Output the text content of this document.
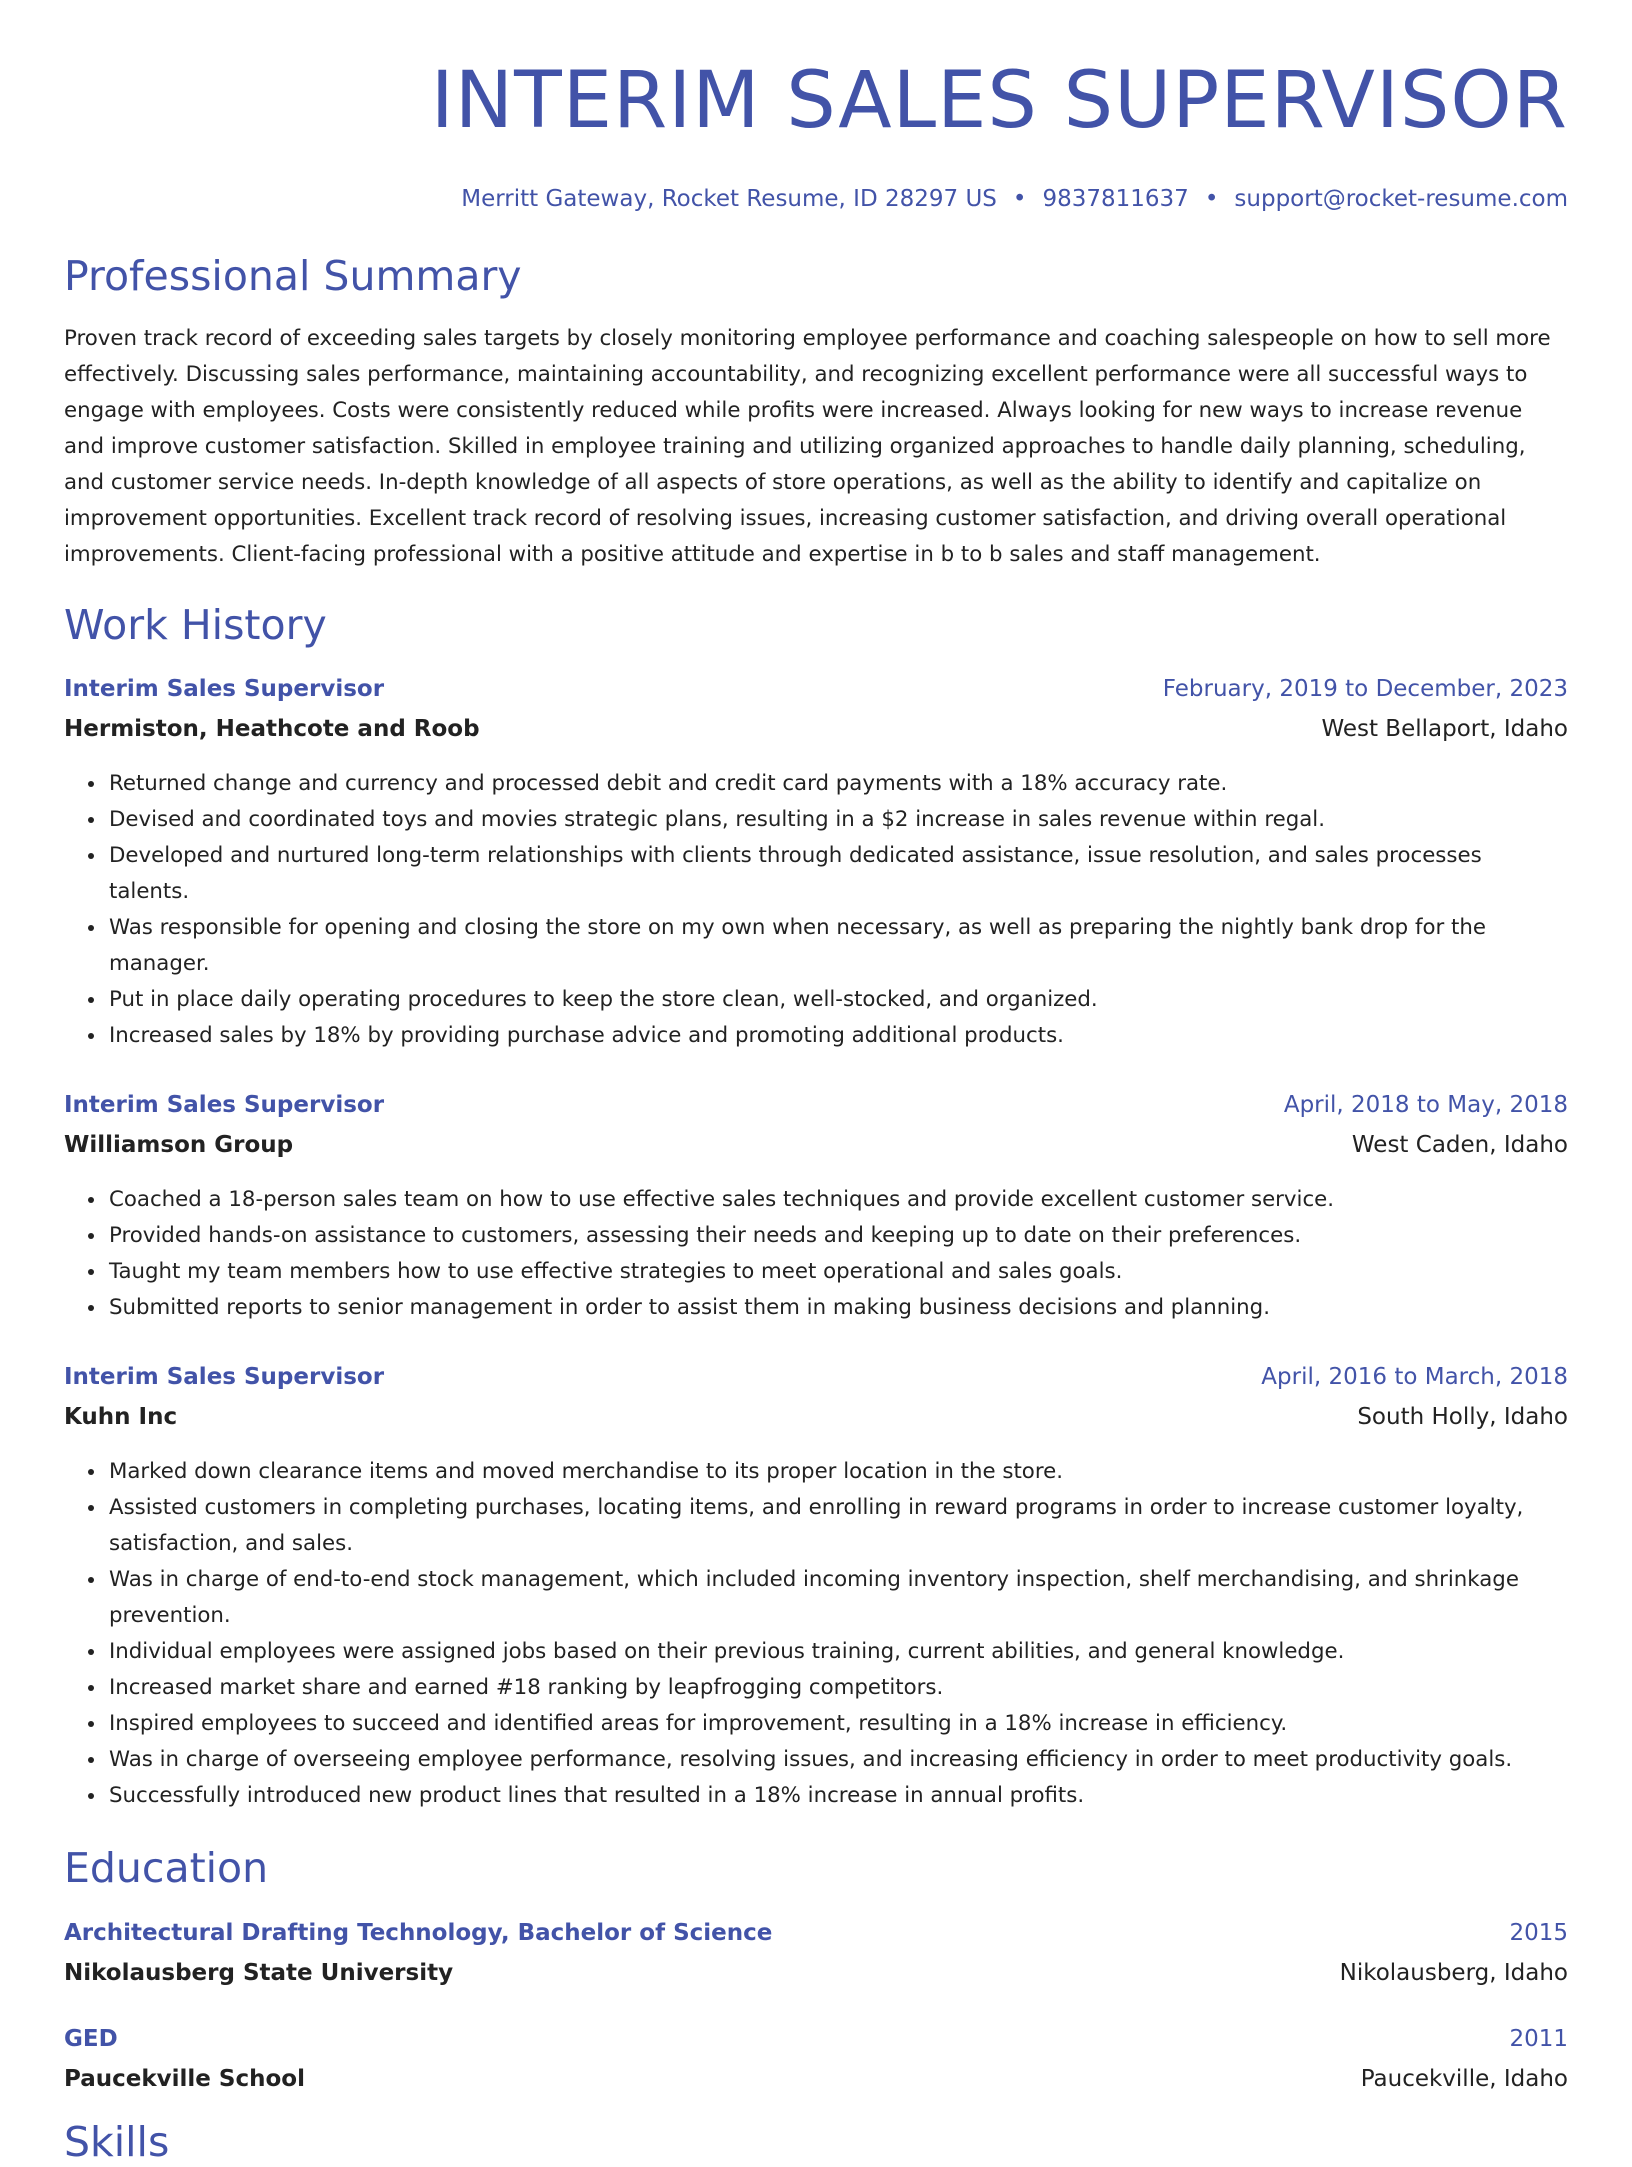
INTERIM SALES SUPERVISOR
Merritt Gateway, Rocket Resume, ID 28297 US • 9837811637 • support@rocket-resume.com
Professional Summary

Proven track record of exceeding sales targets by closely monitoring employee performance and coaching salespeople on how to sell more effectively. Discussing sales performance, maintaining accountability, and recognizing excellent performance were all successful ways to engage with employees. Costs were consistently reduced while profits were increased. Always looking for new ways to increase revenue and improve customer satisfaction. Skilled in employee training and utilizing organized approaches to handle daily planning, scheduling, and customer service needs. In-depth knowledge of all aspects of store operations, as well as the ability to identify and capitalize on improvement opportunities. Excellent track record of resolving issues, increasing customer satisfaction, and driving overall operational improvements. Client-facing professional with a positive attitude and expertise in b to b sales and staff management.

Work History
Interim Sales Supervisor	February, 2019 to December, 2023
Hermiston, Heathcote and Roob	West Bellaport, Idaho
• Returned change and currency and processed debit and credit card payments with a 18% accuracy rate.
• Devised and coordinated toys and movies strategic plans, resulting in a $2 increase in sales revenue within regal.
• Developed and nurtured long-term relationships with clients through dedicated assistance, issue resolution, and sales processes talents.
• Was responsible for opening and closing the store on my own when necessary, as well as preparing the nightly bank drop for the manager.
• Put in place daily operating procedures to keep the store clean, well-stocked, and organized.
• Increased sales by 18% by providing purchase advice and promoting additional products.
Interim Sales Supervisor	April, 2018 to May, 2018
Williamson Group	West Caden, Idaho
• Coached a 18-person sales team on how to use effective sales techniques and provide excellent customer service.
• Provided hands-on assistance to customers, assessing their needs and keeping up to date on their preferences.
• Taught my team members how to use effective strategies to meet operational and sales goals.
• Submitted reports to senior management in order to assist them in making business decisions and planning.
Interim Sales Supervisor	April, 2016 to March, 2018
Kuhn Inc	South Holly, Idaho
• Marked down clearance items and moved merchandise to its proper location in the store.
• Assisted customers in completing purchases, locating items, and enrolling in reward programs in order to increase customer loyalty, satisfaction, and sales.
• Was in charge of end-to-end stock management, which included incoming inventory inspection, shelf merchandising, and shrinkage prevention.
• Individual employees were assigned jobs based on their previous training, current abilities, and general knowledge.
• Increased market share and earned #18 ranking by leapfrogging competitors.
• Inspired employees to succeed and identified areas for improvement, resulting in a 18% increase in efficiency.
• Was in charge of overseeing employee performance, resolving issues, and increasing efficiency in order to meet productivity goals.
• Successfully introduced new product lines that resulted in a 18% increase in annual profits.
Education
Architectural Drafting Technology, Bachelor of Science	2015
Nikolausberg State University	Nikolausberg, Idaho
GED	2011
Paucekville School	Paucekville, Idaho
Skills
